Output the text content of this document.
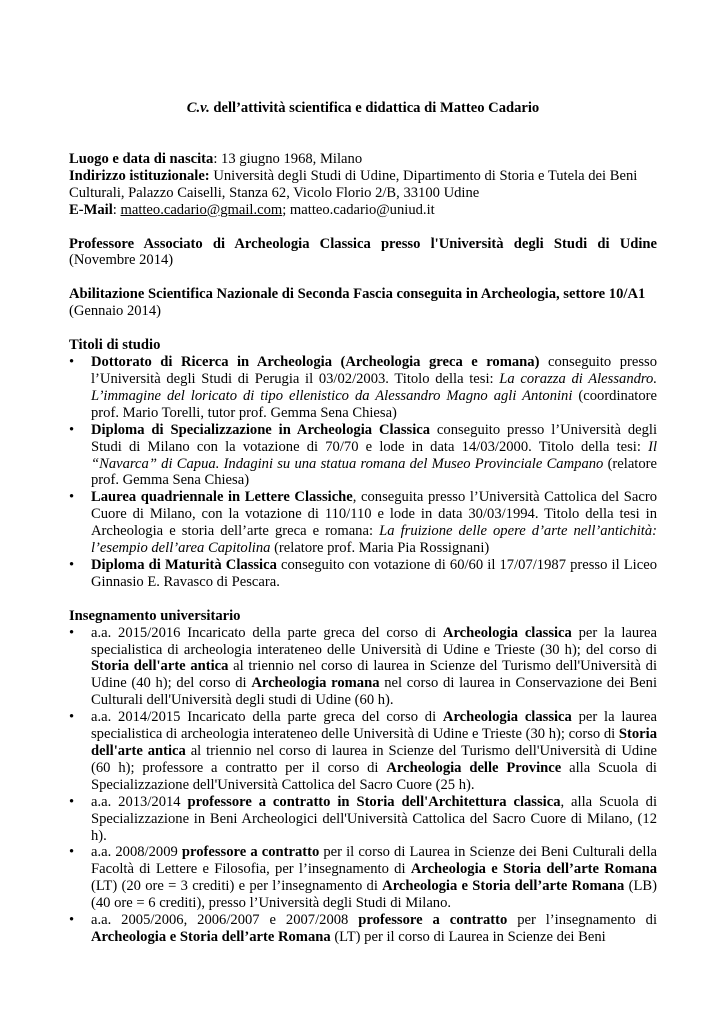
C.v. dell’attività scientifica e didattica di Matteo Cadario

Luogo e data di nascita: 13 giugno 1968, Milano

Indirizzo istituzionale: Università degli Studi di Udine, Dipartimento di Storia e Tutela dei Beni Culturali, Palazzo Caiselli, Stanza 62, Vicolo Florio 2/B, 33100 Udine

E-Mail: matteo.cadario@gmail.com; matteo.cadario@uniud.it

Professore Associato di Archeologia Classica presso l'Università degli Studi di Udine (Novembre 2014)

Abilitazione Scientifica Nazionale di Seconda Fascia conseguita in Archeologia, settore 10/A1 (Gennaio 2014)

Titoli di studio

•	Dottorato di Ricerca in Archeologia (Archeologia greca e romana) conseguito presso l’Università degli Studi di Perugia il 03/02/2003. Titolo della tesi: La corazza di Alessandro. L’immagine del loricato di tipo ellenistico da Alessandro Magno agli Antonini (coordinatore prof. Mario Torelli, tutor prof. Gemma Sena Chiesa)
•	Diploma di Specializzazione in Archeologia Classica conseguito presso l’Università degli Studi di Milano con la votazione di 70/70 e lode in data 14/03/2000. Titolo della tesi: Il “Navarca” di Capua. Indagini su una statua romana del Museo Provinciale Campano (relatore prof. Gemma Sena Chiesa)
•	Laurea quadriennale in Lettere Classiche, conseguita presso l’Università Cattolica del Sacro Cuore di Milano, con la votazione di 110/110 e lode in data 30/03/1994. Titolo della tesi in Archeologia e storia dell’arte greca e romana: La fruizione delle opere d’arte nell’antichità: l’esempio dell’area Capitolina (relatore prof. Maria Pia Rossignani)
•	Diploma di Maturità Classica conseguito con votazione di 60/60 il 17/07/1987 presso il Liceo Ginnasio E. Ravasco di Pescara.

Insegnamento universitario

•	a.a. 2015/2016 Incaricato della parte greca del corso di Archeologia classica per la laurea specialistica di archeologia interateneo delle Università di Udine e Trieste (30 h); del corso di Storia dell'arte antica al triennio nel corso di laurea in Scienze del Turismo dell'Università di Udine (40 h); del corso di Archeologia romana nel corso di laurea in Conservazione dei Beni Culturali dell'Università degli studi di Udine (60 h).
•	a.a. 2014/2015 Incaricato della parte greca del corso di Archeologia classica per la laurea specialistica di archeologia interateneo delle Università di Udine e Trieste (30 h); corso di Storia dell'arte antica al triennio nel corso di laurea in Scienze del Turismo dell'Università di Udine (60 h); professore a contratto per il corso di Archeologia delle Province alla Scuola di Specializzazione dell'Università Cattolica del Sacro Cuore (25 h).
•	a.a. 2013/2014 professore a contratto in Storia dell'Architettura classica, alla Scuola di Specializzazione in Beni Archeologici dell'Università Cattolica del Sacro Cuore di Milano, (12 h).
•	a.a. 2008/2009 professore a contratto per il corso di Laurea in Scienze dei Beni Culturali della Facoltà di Lettere e Filosofia, per l’insegnamento di Archeologia e Storia dell’arte Romana (LT) (20 ore = 3 crediti) e per l’insegnamento di Archeologia e Storia dell’arte Romana (LB) (40 ore = 6 crediti), presso l’Università degli Studi di Milano.
•	a.a. 2005/2006, 2006/2007 e 2007/2008 professore a contratto per l’insegnamento di Archeologia e Storia dell’arte Romana (LT) per il corso di Laurea in Scienze dei Beni
